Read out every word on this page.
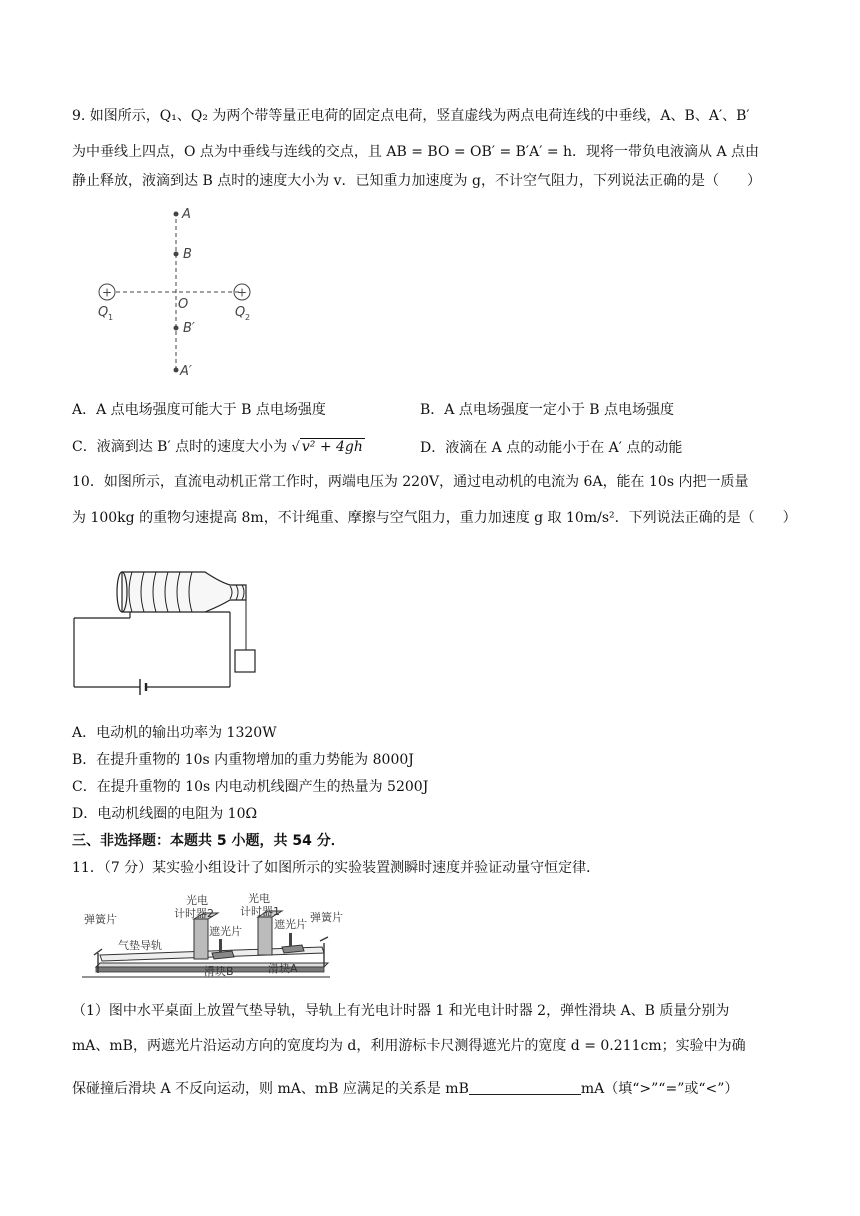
9. 如图所示，Q₁、Q₂ 为两个带等量正电荷的固定点电荷，竖直虚线为两点电荷连线的中垂线，A、B、A′、B′
为中垂线上四点，O 点为中垂线与连线的交点，且 AB = BO = OB′ = B′A′ = h．现将一带负电液滴从 A 点由
静止释放，液滴到达 B 点时的速度大小为 v．已知重力加速度为 g，不计空气阻力，下列说法正确的是（　　）
+	+
A
B
O
B′
A′
Q 1	Q 2
A．A 点电场强度可能大于 B 点电场强度	B．A 点电场强度一定小于 B 点电场强度
C．液滴到达 B′ 点时的速度大小为 √ v² + 4gh	D．液滴在 A 点的动能小于在 A′ 点的动能
10．如图所示，直流电动机正常工作时，两端电压为 220V，通过电动机的电流为 6A，能在 10s 内把一质量
为 100kg 的重物匀速提高 8m，不计绳重、摩擦与空气阻力，重力加速度 g 取 10m/s²．下列说法正确的是（　　）
A．电动机的输出功率为 1320W
B．在提升重物的 10s 内重物增加的重力势能为 8000J
C．在提升重物的 10s 内电动机线圈产生的热量为 5200J
D．电动机线圈的电阻为 10Ω
三、非选择题：本题共 5 小题，共 54 分．
11．（7 分）某实验小组设计了如图所示的实验装置测瞬时速度并验证动量守恒定律．
弹簧片
光电
计时器2
光电
计时器1	弹簧片
遮光片
遮光片
气垫导轨
滑块B	滑块A
（1）图中水平桌面上放置气垫导轨，导轨上有光电计时器 1 和光电计时器 2，弹性滑块 A、B 质量分别为
mA、mB，两遮光片沿运动方向的宽度均为 d，利用游标卡尺测得遮光片的宽度 d = 0.211cm；实验中为确
保碰撞后滑块 A 不反向运动，则 mA、mB 应满足的关系是 mB	mA（填“>”“=”或“<”）
